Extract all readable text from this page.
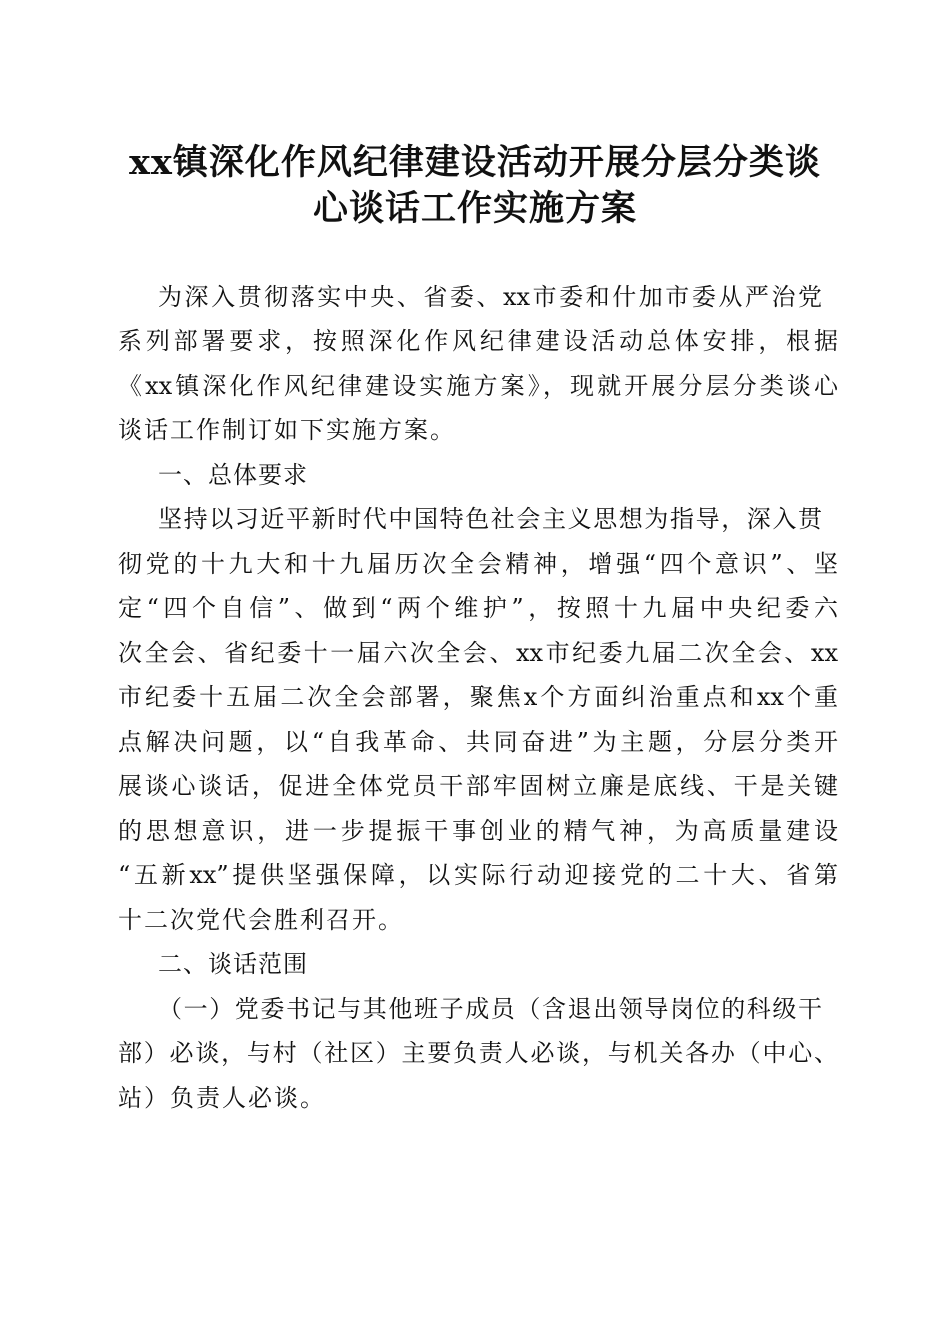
xx镇深化作风纪律建设活动开展分层分类谈
心谈话工作实施方案
为深入贯彻落实中央、省委、xx市委和什加市委从严治党
系列部署要求，按照深化作风纪律建设活动总体安排，根据
《xx镇深化作风纪律建设实施方案》，现就开展分层分类谈心
谈话工作制订如下实施方案。
一、总体要求
坚持以习近平新时代中国特色社会主义思想为指导，深入贯
彻党的十九大和十九届历次全会精神，增强“四个意识”、坚
定“四个自信”、做到“两个维护”，按照十九届中央纪委六
次全会、省纪委十一届六次全会、xx市纪委九届二次全会、xx
市纪委十五届二次全会部署，聚焦x个方面纠治重点和xx个重
点解决问题，以“自我革命、共同奋进”为主题，分层分类开
展谈心谈话，促进全体党员干部牢固树立廉是底线、干是关键
的思想意识，进一步提振干事创业的精气神，为高质量建设
“五新xx”提供坚强保障，以实际行动迎接党的二十大、省第
十二次党代会胜利召开。
二、谈话范围
（一）党委书记与其他班子成员（含退出领导岗位的科级干
部）必谈，与村（社区）主要负责人必谈，与机关各办（中心、
站）负责人必谈。
